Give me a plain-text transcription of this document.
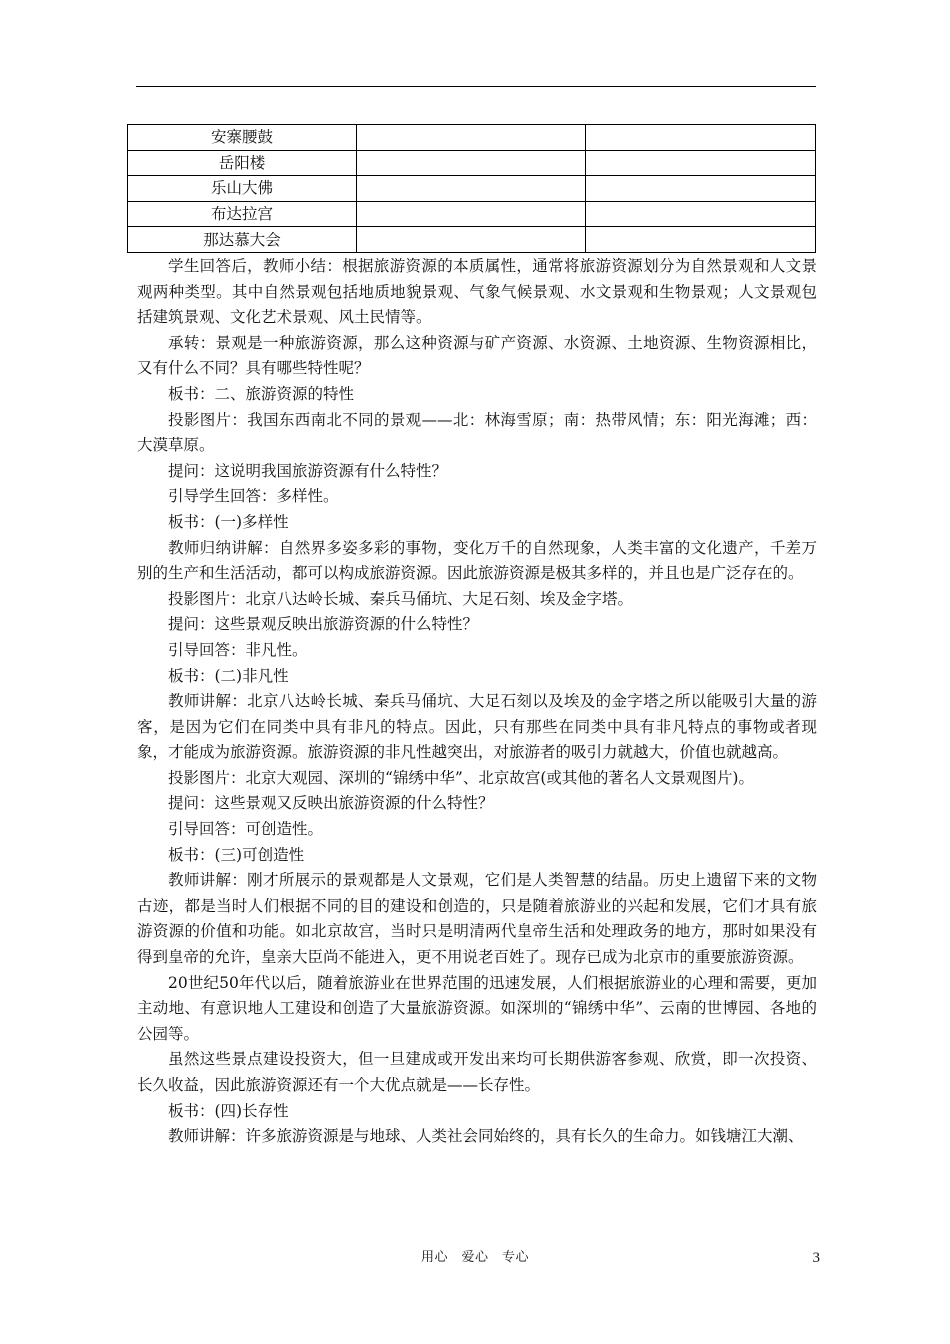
安寨腰鼓		
岳阳楼		
乐山大佛		
布达拉宫		
那达慕大会		

学生回答后，教师小结：根据旅游资源的本质属性，通常将旅游资源划分为自然景观和人文景观两种类型。其中自然景观包括地质地貌景观、气象气候景观、水文景观和生物景观；人文景观包括建筑景观、文化艺术景观、风土民情等。

承转：景观是一种旅游资源，那么这种资源与矿产资源、水资源、土地资源、生物资源相比，又有什么不同？具有哪些特性呢？

板书：二、旅游资源的特性

投影图片：我国东西南北不同的景观——北：林海雪原；南：热带风情；东：阳光海滩；西：大漠草原。

提问：这说明我国旅游资源有什么特性？

引导学生回答：多样性。

板书：(一)多样性

教师归纳讲解：自然界多姿多彩的事物，变化万千的自然现象，人类丰富的文化遗产，千差万别的生产和生活活动，都可以构成旅游资源。因此旅游资源是极其多样的，并且也是广泛存在的。

投影图片：北京八达岭长城、秦兵马俑坑、大足石刻、埃及金字塔。

提问：这些景观反映出旅游资源的什么特性？

引导回答：非凡性。

板书：(二)非凡性

教师讲解：北京八达岭长城、秦兵马俑坑、大足石刻以及埃及的金字塔之所以能吸引大量的游客，是因为它们在同类中具有非凡的特点。因此，只有那些在同类中具有非凡特点的事物或者现象，才能成为旅游资源。旅游资源的非凡性越突出，对旅游者的吸引力就越大，价值也就越高。

投影图片：北京大观园、深圳的“锦绣中华”、北京故宫(或其他的著名人文景观图片)。

提问：这些景观又反映出旅游资源的什么特性？

引导回答：可创造性。

板书：(三)可创造性

教师讲解：刚才所展示的景观都是人文景观，它们是人类智慧的结晶。历史上遗留下来的文物古迹，都是当时人们根据不同的目的建设和创造的，只是随着旅游业的兴起和发展，它们才具有旅游资源的价值和功能。如北京故宫，当时只是明清两代皇帝生活和处理政务的地方，那时如果没有得到皇帝的允许，皇亲大臣尚不能进入，更不用说老百姓了。现存已成为北京市的重要旅游资源。

20世纪50年代以后，随着旅游业在世界范围的迅速发展，人们根据旅游业的心理和需要，更加主动地、有意识地人工建设和创造了大量旅游资源。如深圳的“锦绣中华”、云南的世博园、各地的公园等。

虽然这些景点建设投资大，但一旦建成或开发出来均可长期供游客参观、欣赏，即一次投资、长久收益，因此旅游资源还有一个大优点就是——长存性。

板书：(四)长存性

教师讲解：许多旅游资源是与地球、人类社会同始终的，具有长久的生命力。如钱塘江大潮、

用心　爱心　专心	3
